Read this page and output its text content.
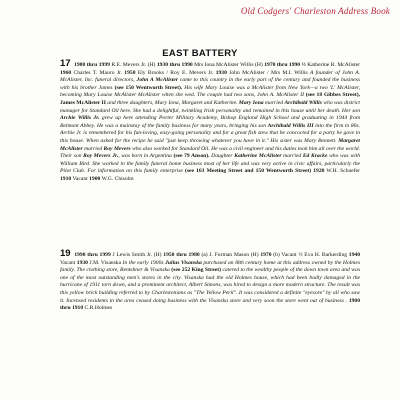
Old Codgers' Charleston Address Book
EAST BATTERY
17 1980 thru 1999 R.E. Mevers Jr. (H) 1930 thru 1990 Mrs Iona McAlister Willis (H) 1970 thru 1990 ½ Katherine R. McAlister 1960 Charles T. Mauro Jr. 1950 Ely Brooks / Roy E. Mevers Jr. 1930 John McAlister / Mrs M.I. Willis A founder of John A. McAlister, Inc. funeral directors, John A McAlister came to this country in the early part of the century and founded the business with his brother James (see 150 Wentworth Street). His wife Mary Louise was a McAlister from New York—a two 'L' McAlister, becoming Mary Louise McAlister McAlister when she wed. The couple had two sons, John A. McAlister II (see 18 Gibbes Street), James McAlister II and three daughters, Mary Iona, Margaret and Katherine. Mary Iona married Archibald Willis who was district manager for Standard Oil here. She had a delightful, twinkling Irish personality and remained in this house until her death. Her son Archie Willis Jr. grew up here attending Porter Military Academy, Bishop England High School and graduating in 1944 from Belmont Abbey. He was a mainstay of the family business for many years, bringing his son Archibald Willis III into the firm in 80s. Archie Jr. is remembered for his fun-loving, easy-going personality and for a great fish stew that he concocted for a party he gave in this house. When asked for the recipe he said "just keep throwing whatever you have in it." His sister was Mary Bennett. Margaret McAlister married Roy Mevers who also worked for Standard Oil. He was a civil engineer and his duties took him all over the world. Their son Roy Mevers Jr., was born in Argentina (see 79 Anson). Daughter Katherine McAlister married Ed Kracke who was with William Bird. She worked in the family funeral home business most of her life and was very active in civic affairs, particularly the Pilot Club. For information on this family enterprise (see 163 Meeting Street and 150 Wentworth Street) 1920 W.H. Schuefer 1910 Vacant 1900 W.G. Chisolm
19 1990 thru 1999 J Lewis Smith Jr. (H) 1950 thru 1980 (a) J. Furman Mason (H) 1970 (b) Vacant ½ Eva H. Barkerding 1940 Vacant 1930 J.M. Visanska In the early 1900s Julius Visanska purchased an l8th century home at this address owned by the Holmes family. The clothing store, Bentshner & Visanska (see 252 King Street) catered to the wealthy people of the down town area and was one of the most outstanding men's stores in the city. Visanska had the old Holmes house, which had been badly damaged in the hurricane of 1911 torn down, and a prominent architect, Albert Simons, was hired to design a more modern structure. The result was this yellow brick building referred to by Charlestonians as "The Yellow Peril". It was considered a definite "eyesore" by all who saw it. Incensed residents in the area ceased doing business with the Visanska store and very soon the store went out of business . 1900 thru 1910 C.R.Holmes
